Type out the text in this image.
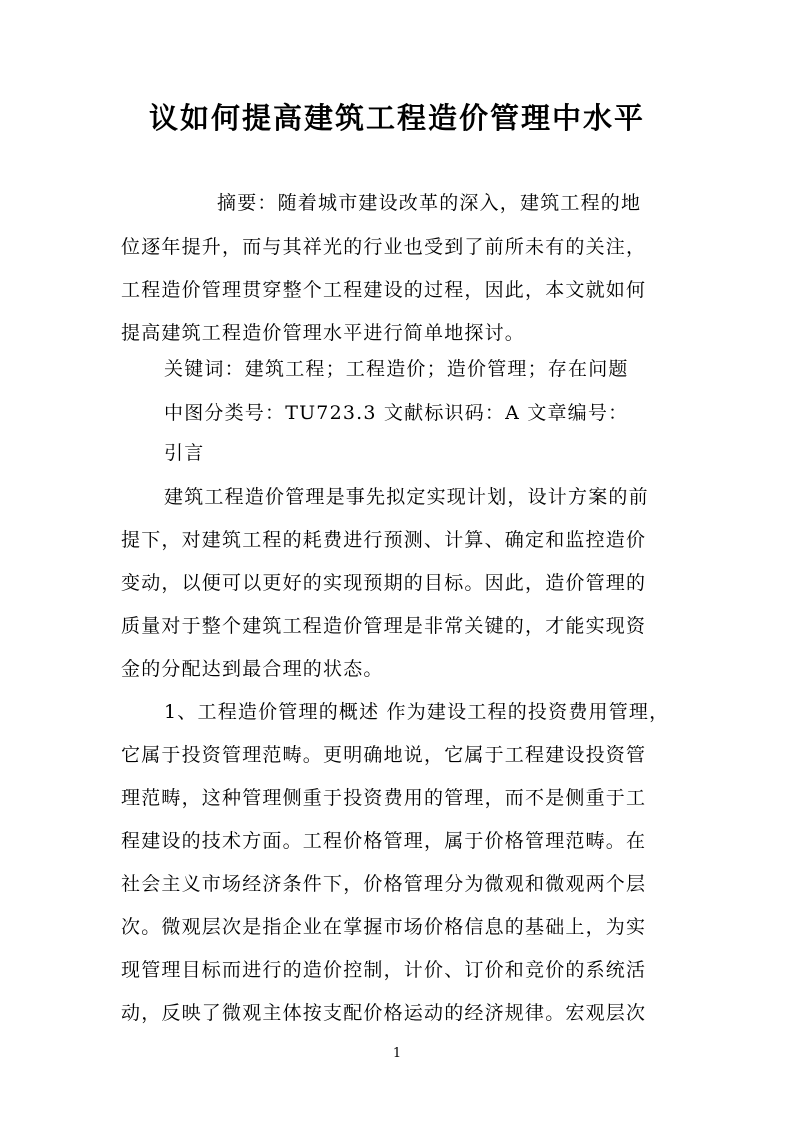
议如何提高建筑工程造价管理中水平
摘要：随着城市建设改革的深入，建筑工程的地
位逐年提升，而与其祥光的行业也受到了前所未有的关注，
工程造价管理贯穿整个工程建设的过程，因此，本文就如何
提高建筑工程造价管理水平进行简单地探讨。
关键词：建筑工程；工程造价；造价管理；存在问题
中图分类号：TU723.3 文献标识码：A 文章编号：
引言
建筑工程造价管理是事先拟定实现计划，设计方案的前
提下，对建筑工程的耗费进行预测、计算、确定和监控造价
变动，以便可以更好的实现预期的目标。因此，造价管理的
质量对于整个建筑工程造价管理是非常关键的，才能实现资
金的分配达到最合理的状态。
1、工程造价管理的概述 作为建设工程的投资费用管理，
它属于投资管理范畴。更明确地说，它属于工程建设投资管
理范畴，这种管理侧重于投资费用的管理，而不是侧重于工
程建设的技术方面。工程价格管理，属于价格管理范畴。在
社会主义市场经济条件下，价格管理分为微观和微观两个层
次。微观层次是指企业在掌握市场价格信息的基础上，为实
现管理目标而进行的造价控制，计价、订价和竞价的系统活
动，反映了微观主体按支配价格运动的经济规律。宏观层次
1
